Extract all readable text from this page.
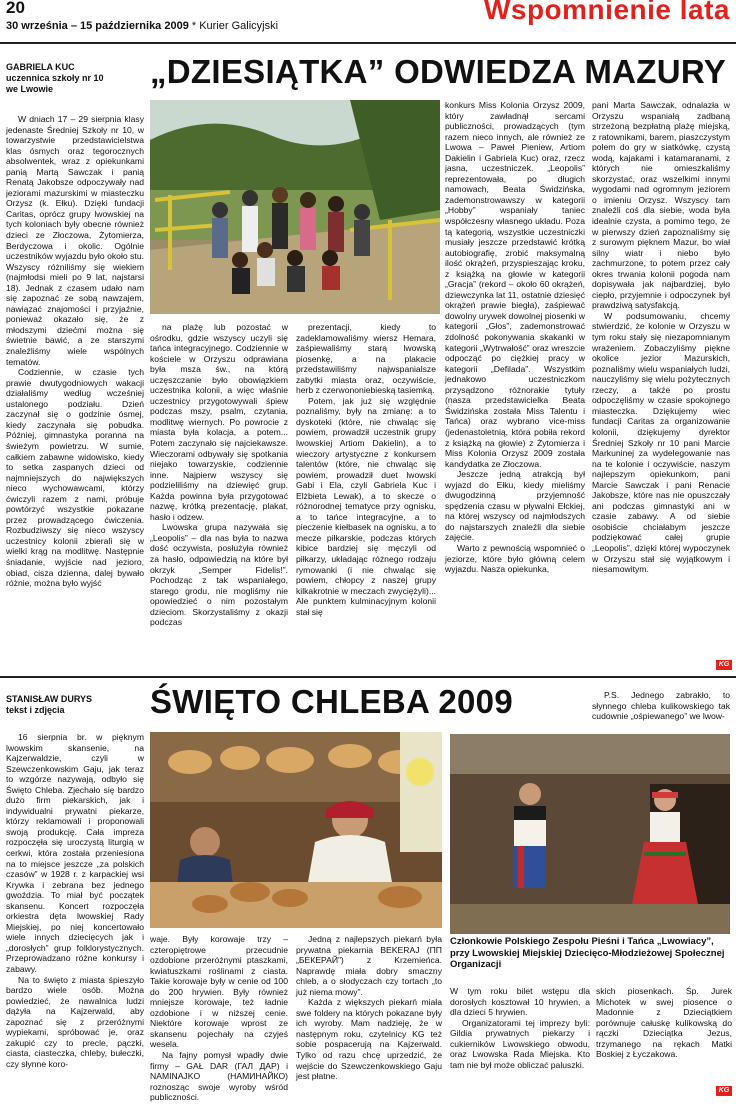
20
30 września – 15 października 2009 * Kurier Galicyjski
Wspomnienie lata
GABRIELA KUC
uczennica szkoły nr 10
we Lwowie	„DZIESIĄTKA” ODWIEDZA MAZURY

W dniach 17 – 29 sierpnia klasy jedenaste Średniej Szkoły nr 10, w towarzystwie przedstawicielstwa klas ósmych oraz tegorocznych absolwentek, wraz z opiekunkami panią Martą Sawczak i panią Renatą Jakobsze odpoczywały nad jeziorami mazurskimi w miasteczku Orzysz (k. Ełku). Dzięki fundacji Caritas, oprócz grupy lwowskiej na tych koloniach były obecne również dzieci ze Złoczowa, Żytomierza, Berdyczowa i okolic. Ogólnie uczestników wyjazdu było około stu. Wszyscy różniliśmy się wiekiem (najmłodsi mieli po 9 lat, najstarsi 18). Jednak z czasem udało nam się zapoznać ze sobą nawzajem, nawiązać znajomości i przyjaźnie, ponieważ okazało się, że z młodszymi dziećmi można się świetnie bawić, a ze starszymi znaleźliśmy wiele wspólnych tematów.

Codziennie, w czasie tych prawie dwutygodniowych wakacji działaliśmy według wcześniej ustalonego podziału. Dzień zaczynał się o godzinie ósmej, kiedy zaczynała się pobudka. Później, gimnastyka poranna na świeżym powietrzu. W sumie, całkiem zabawne widowisko, kiedy to setka zaspanych dzieci od najmniejszych do największych nieco wychowawcami, którzy ćwiczyli razem z nami, próbuje powtórzyć wszystkie pokazane przez prowadzącego ćwiczenia. Rozbudziwszy się nieco wszyscy uczestnicy kolonii zbierali się w wielki krąg na modlitwę. Następnie śniadanie, wyjście nad jezioro, obiad, cisza dzienna, dalej bywało różnie, można było wyjść

na plażę lub pozostać w ośrodku, gdzie wszyscy uczyli się tańca integracyjnego. Codziennie w kościele w Orzyszu odprawiana była msza św., na którą uczęszczanie było obowiązkiem uczestnika kolonii, a więc właśnie uczestnicy przygotowywali śpiew podczas mszy, psalm, czytania, modlitwę wiernych. Po powrocie z miasta była kolacja, a potem... Potem zaczynało się najciekawsze. Wieczorami odbywały się spotkania niejako towarzyskie, codziennie inne. Najpierw wszyscy się podzieliliśmy na dziewięć grup. Każda powinna była przygotować nazwę, krótką prezentację, plakat, hasło i odzew.

Lwowska grupa nazywała się „Leopolis” – dla nas była to nazwa dość oczywista, posłużyła również za hasło, odpowiedzią na które był okrzyk „Semper Fidelis!”. Pochodząc z tak wspaniałego, starego grodu, nie mogliśmy nie opowiedzieć o nim pozostałym dzieciom. Skorzystaliśmy z okazji podczas

prezentacji, kiedy to zadeklamowaliśmy wiersz Hemara, zaśpiewaliśmy starą lwowską piosenkę, a na plakacie przedstawiliśmy najwspanialsze zabytki miasta oraz, oczywiście, herb z czerwononiebieską tasiemką.

Potem, jak już się względnie poznaliśmy, były na zmianę: a to dyskoteki (które, nie chwaląc się powiem, prowadził uczestnik grupy lwowskiej Artiom Dakielin), a to wieczory artystyczne z konkursem talentów (które, nie chwaląc się powiem, prowadził duet lwowski Gabi i Ela, czyli Gabriela Kuc i Elżbieta Lewak), a to skecze o różnorodnej tematyce przy ognisku, a to tańce integracyjne, a to pieczenie kiełbasek na ognisku, a to mecze piłkarskie, podczas których kibice bardziej się męczyli od piłkarzy, układając różnego rodzaju rymowanki (i nie chwaląc się powiem, chłopcy z naszej grupy kilkakrotnie w meczach zwyciężyli)... Ale punktem kulminacyjnym kolonii stał się

konkurs Miss Kolonia Orzysz 2009, który zawładnął sercami publiczności, prowadzących (tym razem nieco innych, ale również ze Lwowa – Paweł Pieniew, Artiom Dakielin i Gabriela Kuc) oraz, rzecz jasna, uczestniczek. „Leopolis” reprezentowała, po długich namowach, Beata Świdzińska, zademonstrowawszy w kategorii „Hobby” wspaniały taniec współczesny własnego układu. Poza tą kategorią, wszystkie uczestniczki musiały jeszcze przedstawić krótką autobiografię, zrobić maksymalną ilość okrążeń, przyspieszając kroku, z książką na głowie w kategorii „Gracja” (rekord – około 60 okrążeń, dziewczynka lat 11, ostatnie dziesięć okrążeń prawie biegła), zaśpiewać dowolny urywek dowolnej piosenki w kategorii „Głos”, zademonstrować zdolność pokonywania skakanki w kategorii „Wytrwałość” oraz wreszcie odpocząć po ciężkiej pracy w kategorii „Defilada”. Wszystkim jednakowo uczestniczkom przysądzono różnorakie tytuły (nasza przedstawicielka Beata Świdzińska została Miss Talentu i Tańca) oraz wybrano vice-miss (jedenastoletnią, która pobiła rekord z książką na głowie) z Żytomierza i Miss Kolonia Orzysz 2009 została kandydatka ze Złoczowa.

Jeszcze jedną atrakcją był wyjazd do Ełku, kiedy mieliśmy dwugodzinną przyjemność spędzenia czasu w pływalni Ełckiej, na której wszyscy od najmłodszych do najstarszych znaleźli dla siebie zajęcie.

Warto z pewnością wspomnieć o jeziorze, które było główną celem wyjazdu. Nasza opiekunka,

pani Marta Sawczak, odnalazła w Orzyszu wspaniałą zadbaną strzeżoną bezpłatną plażę miejską, z ratownikami, barem, piaszczystym polem do gry w siatkówkę, czystą wodą, kajakami i katamaranami, z których nie omieszkaliśmy skorzystać, oraz wszelkimi innymi wygodami nad ogromnym jeziorem o imieniu Orzysz. Wszyscy tam znaleźli coś dla siebie, woda była idealnie czysta, a pomimo tego, że w pierwszy dzień zapoznaliśmy się z surowym pięknem Mazur, bo wiał silny wiatr i niebo było zachmurzone, to potem przez cały okres trwania kolonii pogoda nam dopisywała jak najbardziej, było ciepło, przyjemnie i odpoczynek był prawdziwą satysfakcją.

W podsumowaniu, chcemy stwierdzić, że kolonie w Orzyszu w tym roku stały się niezapomnianym wrażeniem. Zobaczyliśmy piękne okolice jezior Mazurskich, poznaliśmy wielu wspaniałych ludzi, nauczyliśmy się wielu pożytecznych rzeczy, a także po prostu odpoczęliśmy w czasie spokojnego miasteczka. Dziękujemy wiec fundacji Caritas za organizowanie kolonii, dziękujemy dyrektor Średniej Szkoły nr 10 pani Marcie Markuninej za wydelegowanie nas na te kolonie i oczywiście, naszym najlepszym opiekunkom, pani Marcie Sawczak i pani Renacie Jakobsze, które nas nie opuszczały ani podczas gimnastyki ani w czasie zabawy. A od siebie osobiście chciałabym jeszcze podziękować całej grupie „Leopolis”, dzięki której wypoczynek w Orzyszu stał się wyjątkowym i niesamowitym.

KG
STANISŁAW DURYS
tekst i zdjęcia	ŚWIĘTO CHLEBA 2009	P.S. Jednego zabrakło, to słynnego chleba kulikowskiego tak cudownie „ośpiewanego” we lwow-

16 sierpnia br. w pięknym lwowskim skansenie, na Kajzerwaldzie, czyli w Szewczenkowskim Gaju, jak teraz to wzgórze nazywają, odbyło się Święto Chleba. Zjechało się bardzo dużo firm piekarskich, jak i indywidualni prywatni piekarze, którzy reklamowali i proponowali swoją produkcję. Cała impreza rozpoczęła się uroczystą liturgią w cerkwi, która została przeniesiona na to miejsce jeszcze „za polskich czasów” w 1928 r. z karpackiej wsi Krywka i zebrana bez jednego gwoździa. To miał być początek skansenu. Koncert rozpoczęła orkiestra dęta lwowskiej Rady Miejskiej, po niej koncertowało wiele innych dziecięcych jak i „dorosłych” grup folklorystycznych. Przeprowadzano różne konkursy i zabawy.

Na to święto z miasta śpieszyło bardzo wiele osób. Można powiedzieć, że nawalnica ludzi dążyła na Kajzerwald, aby zapoznać się z przeróżnymi wypiekami, spróbować je, oraz zakupić czy to precle, pączki, ciasta, ciasteczka, chleby, bułeczki, czy słynne koro-

waje. Były korowaje trzy – czteropiętrowe przecudnie ozdobione przeróżnymi ptaszkami, kwiatuszkami roślinami z ciasta. Takie korowaje były w cenie od 100 do 200 hrywien. Były również mniejsze korowaje, też ładnie ozdobione i w niższej cenie. Niektóre korowaje wprost ze skansenu pojechały na czyjeś wesela.

Na fajny pomysł wpadły dwie firmy – GAŁ DAR (ГАЛ ДАР) i NAMINAJKO (НАМИНАЙКО) roznosząc swoje wyroby wśród publiczności.

Jedną z najlepszych piekarń była prywatna piekarnia BEKERAJ (ПП „БЕКЕРАЙ”) z Krzemieńca. Naprawdę miała dobry smaczny chleb, a o słodyczach czy tortach „to już niema mowy”.

Każda z większych piekarń miała swe foldery na których pokazane były ich wyroby. Mam nadzieję, że w następnym roku, czytelnicy KG też sobie pospacerują na Kajzerwald. Tylko od razu chcę uprzedzić, że wejście do Szewczenkowskiego Gaju jest płatne.

Członkowie Polskiego Zespołu Pieśni i Tańca „Lwowiacy”, przy Lwowskiej Miejskiej Dziecięco-Młodzieżowej Społecznej Organizacji

W tym roku bilet wstępu dla dorosłych kosztował 10 hrywien, a dla dzieci 5 hrywien.

Organizatorami tej imprezy byli: Gildia prywatnych piekarzy i cukierników Lwowskiego obwodu, oraz Lwowska Rada Miejska. Kto tam nie był może obliczać paluszki.

skich piosenkach. Śp. Jurek Michotek w swej piosence o Madonnie z Dzieciątkiem porównuje całuskę kulikowską do rączki Dzieciątka Jezus, trzymanego na rękach Matki Boskiej z Łyczakowa.

KG
